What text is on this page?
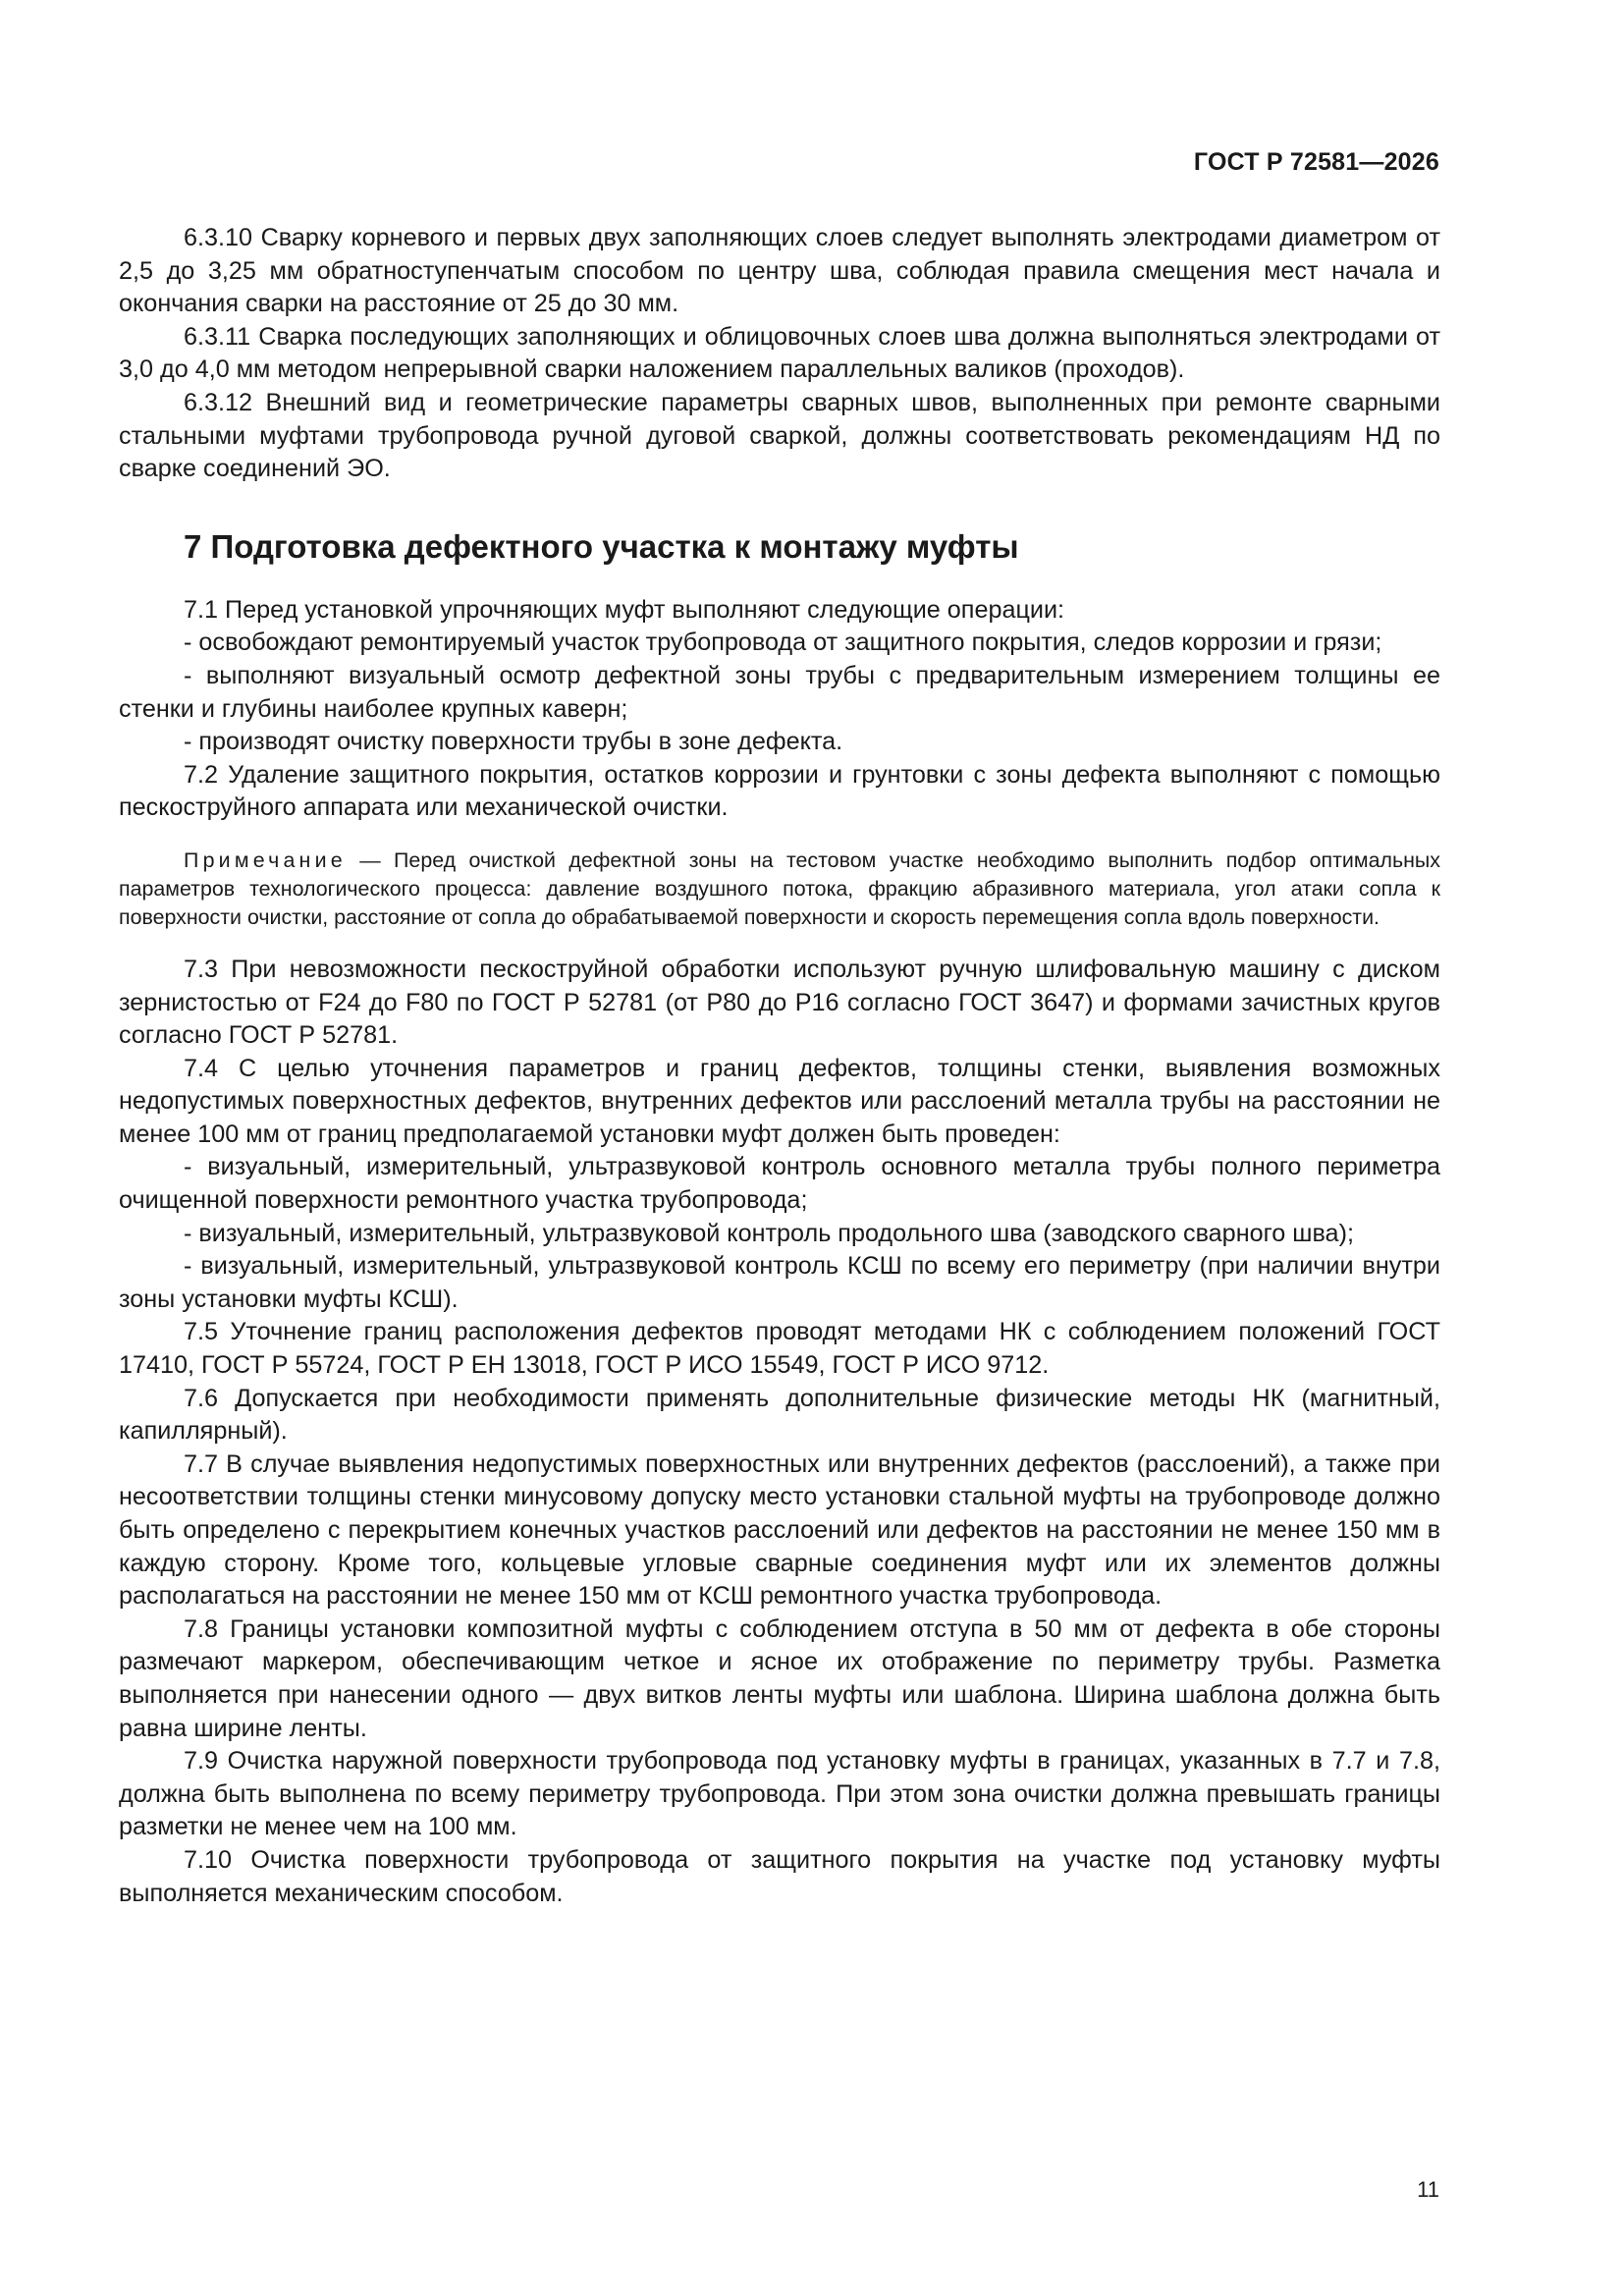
ГОСТ Р 72581—2026

6.3.10 Сварку корневого и первых двух заполняющих слоев следует выполнять электродами диаметром от 2,5 до 3,25 мм обратноступенчатым способом по центру шва, соблюдая правила смещения мест начала и окончания сварки на расстояние от 25 до 30 мм.

6.3.11 Сварка последующих заполняющих и облицовочных слоев шва должна выполняться электродами от 3,0 до 4,0 мм методом непрерывной сварки наложением параллельных валиков (проходов).

6.3.12 Внешний вид и геометрические параметры сварных швов, выполненных при ремонте сварными стальными муфтами трубопровода ручной дуговой сваркой, должны соответствовать рекомендациям НД по сварке соединений ЭО.

7 Подготовка дефектного участка к монтажу муфты

7.1 Перед установкой упрочняющих муфт выполняют следующие операции:

- освобождают ремонтируемый участок трубопровода от защитного покрытия, следов коррозии и грязи;

- выполняют визуальный осмотр дефектной зоны трубы с предварительным измерением толщины ее стенки и глубины наиболее крупных каверн;

- производят очистку поверхности трубы в зоне дефекта.

7.2 Удаление защитного покрытия, остатков коррозии и грунтовки с зоны дефекта выполняют с помощью пескоструйного аппарата или механической очистки.

Примечание — Перед очисткой дефектной зоны на тестовом участке необходимо выполнить подбор оптимальных параметров технологического процесса: давление воздушного потока, фракцию абразивного материала, угол атаки сопла к поверхности очистки, расстояние от сопла до обрабатываемой поверхности и скорость перемещения сопла вдоль поверхности.

7.3 При невозможности пескоструйной обработки используют ручную шлифовальную машину с диском зернистостью от F24 до F80 по ГОСТ Р 52781 (от Р80 до Р16 согласно ГОСТ 3647) и формами зачистных кругов согласно ГОСТ Р 52781.

7.4 С целью уточнения параметров и границ дефектов, толщины стенки, выявления возможных недопустимых поверхностных дефектов, внутренних дефектов или расслоений металла трубы на расстоянии не менее 100 мм от границ предполагаемой установки муфт должен быть проведен:

- визуальный, измерительный, ультразвуковой контроль основного металла трубы полного периметра очищенной поверхности ремонтного участка трубопровода;

- визуальный, измерительный, ультразвуковой контроль продольного шва (заводского сварного шва);

- визуальный, измерительный, ультразвуковой контроль КСШ по всему его периметру (при наличии внутри зоны установки муфты КСШ).

7.5 Уточнение границ расположения дефектов проводят методами НК с соблюдением положений ГОСТ 17410, ГОСТ Р 55724, ГОСТ Р ЕН 13018, ГОСТ Р ИСО 15549, ГОСТ Р ИСО 9712.

7.6 Допускается при необходимости применять дополнительные физические методы НК (магнитный, капиллярный).

7.7 В случае выявления недопустимых поверхностных или внутренних дефектов (расслоений), а также при несоответствии толщины стенки минусовому допуску место установки стальной муфты на трубопроводе должно быть определено с перекрытием конечных участков расслоений или дефектов на расстоянии не менее 150 мм в каждую сторону. Кроме того, кольцевые угловые сварные соединения муфт или их элементов должны располагаться на расстоянии не менее 150 мм от КСШ ремонтного участка трубопровода.

7.8 Границы установки композитной муфты с соблюдением отступа в 50 мм от дефекта в обе стороны размечают маркером, обеспечивающим четкое и ясное их отображение по периметру трубы. Разметка выполняется при нанесении одного — двух витков ленты муфты или шаблона. Ширина шаблона должна быть равна ширине ленты.

7.9 Очистка наружной поверхности трубопровода под установку муфты в границах, указанных в 7.7 и 7.8, должна быть выполнена по всему периметру трубопровода. При этом зона очистки должна превышать границы разметки не менее чем на 100 мм.

7.10 Очистка поверхности трубопровода от защитного покрытия на участке под установку муфты выполняется механическим способом.

11
